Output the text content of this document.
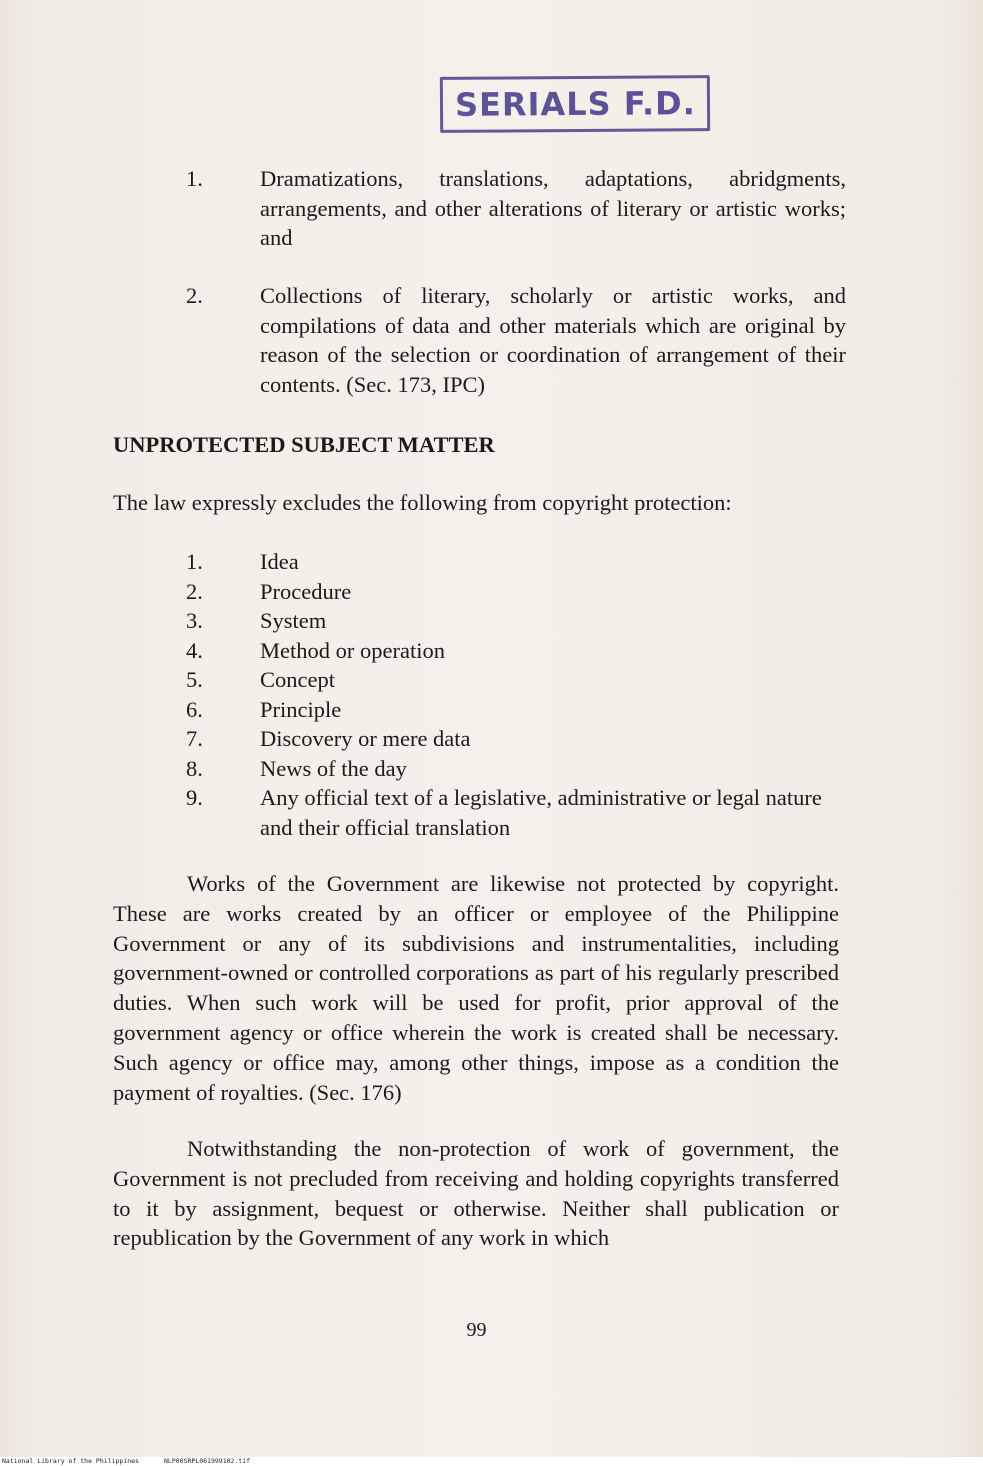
SERIALS F.D.
1.	Dramatizations, translations, adaptations, abridgments, arrangements, and other alterations of literary or artistic works; and
2.	Collections of literary, scholarly or artistic works, and compilations of data and other materials which are original by reason of the selection or coordination of arrangement of their contents. (Sec. 173, IPC)
UNPROTECTED SUBJECT MATTER
The law expressly excludes the following from copyright protection:
1.	Idea
2.	Procedure
3.	System
4.	Method or operation
5.	Concept
6.	Principle
7.	Discovery or mere data
8.	News of the day
9.	Any official text of a legislative, administrative or legal nature and their official translation

Works of the Government are likewise not protected by copyright. These are works created by an officer or employee of the Philippine Government or any of its subdivisions and instrumentalities, including government-owned or controlled corporations as part of his regularly prescribed duties. When such work will be used for profit, prior approval of the government agency or office wherein the work is created shall be necessary. Such agency or office may, among other things, impose as a condition the payment of royalties. (Sec. 176)

Notwithstanding the non-protection of work of government, the Government is not precluded from receiving and holding copyrights transferred to it by assignment, bequest or otherwise. Neither shall publication or republication by the Government of any work in which

99
National Library of the Philippines	NLP00SRPL061999102.tif
